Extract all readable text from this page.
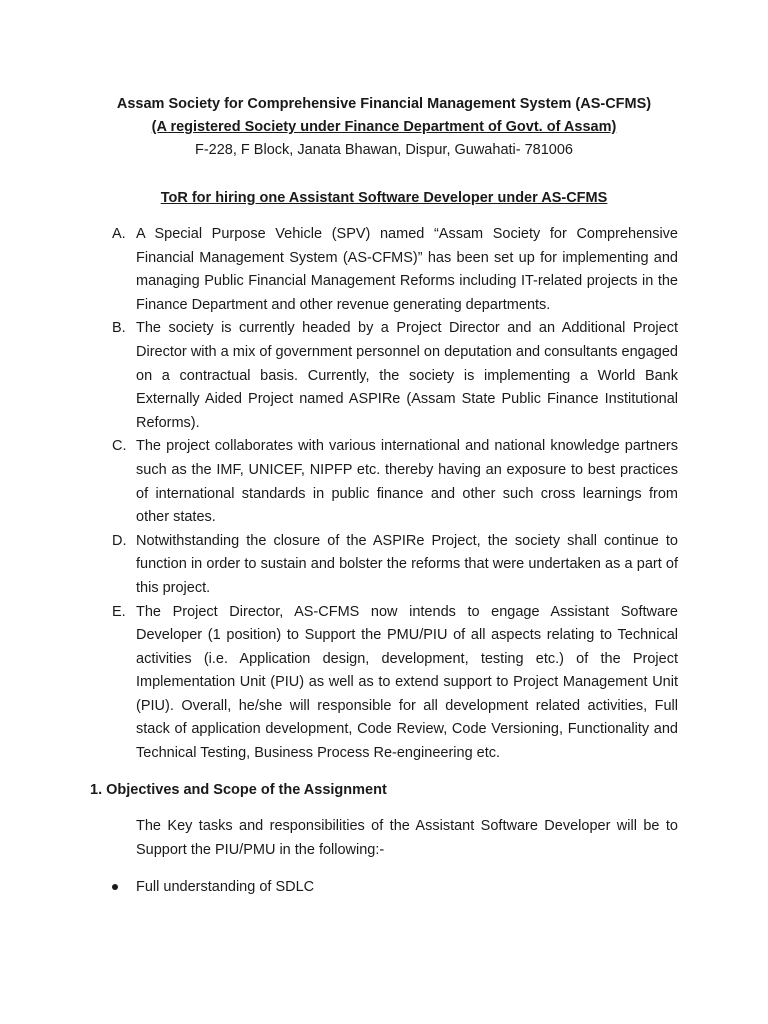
Assam Society for Comprehensive Financial Management System (AS-CFMS)
(A registered Society under Finance Department of Govt. of Assam)
F-228, F Block, Janata Bhawan, Dispur, Guwahati- 781006
ToR for hiring one Assistant Software Developer under AS-CFMS
A. A Special Purpose Vehicle (SPV) named “Assam Society for Comprehensive Financial Management System (AS-CFMS)” has been set up for implementing and managing Public Financial Management Reforms including IT-related projects in the Finance Department and other revenue generating departments.
B. The society is currently headed by a Project Director and an Additional Project Director with a mix of government personnel on deputation and consultants engaged on a contractual basis. Currently, the society is implementing a World Bank Externally Aided Project named ASPIRe (Assam State Public Finance Institutional Reforms).
C. The project collaborates with various international and national knowledge partners such as the IMF, UNICEF, NIPFP etc. thereby having an exposure to best practices of international standards in public finance and other such cross learnings from other states.
D. Notwithstanding the closure of the ASPIRe Project, the society shall continue to function in order to sustain and bolster the reforms that were undertaken as a part of this project.
E. The Project Director, AS-CFMS now intends to engage Assistant Software Developer (1 position) to Support the PMU/PIU of all aspects relating to Technical activities (i.e. Application design, development, testing etc.) of the Project Implementation Unit (PIU) as well as to extend support to Project Management Unit (PIU). Overall, he/she will responsible for all development related activities, Full stack of application development, Code Review, Code Versioning, Functionality and Technical Testing, Business Process Re-engineering etc.
1. Objectives and Scope of the Assignment
The Key tasks and responsibilities of the Assistant Software Developer will be to Support the PIU/PMU in the following:-
Full understanding of SDLC
